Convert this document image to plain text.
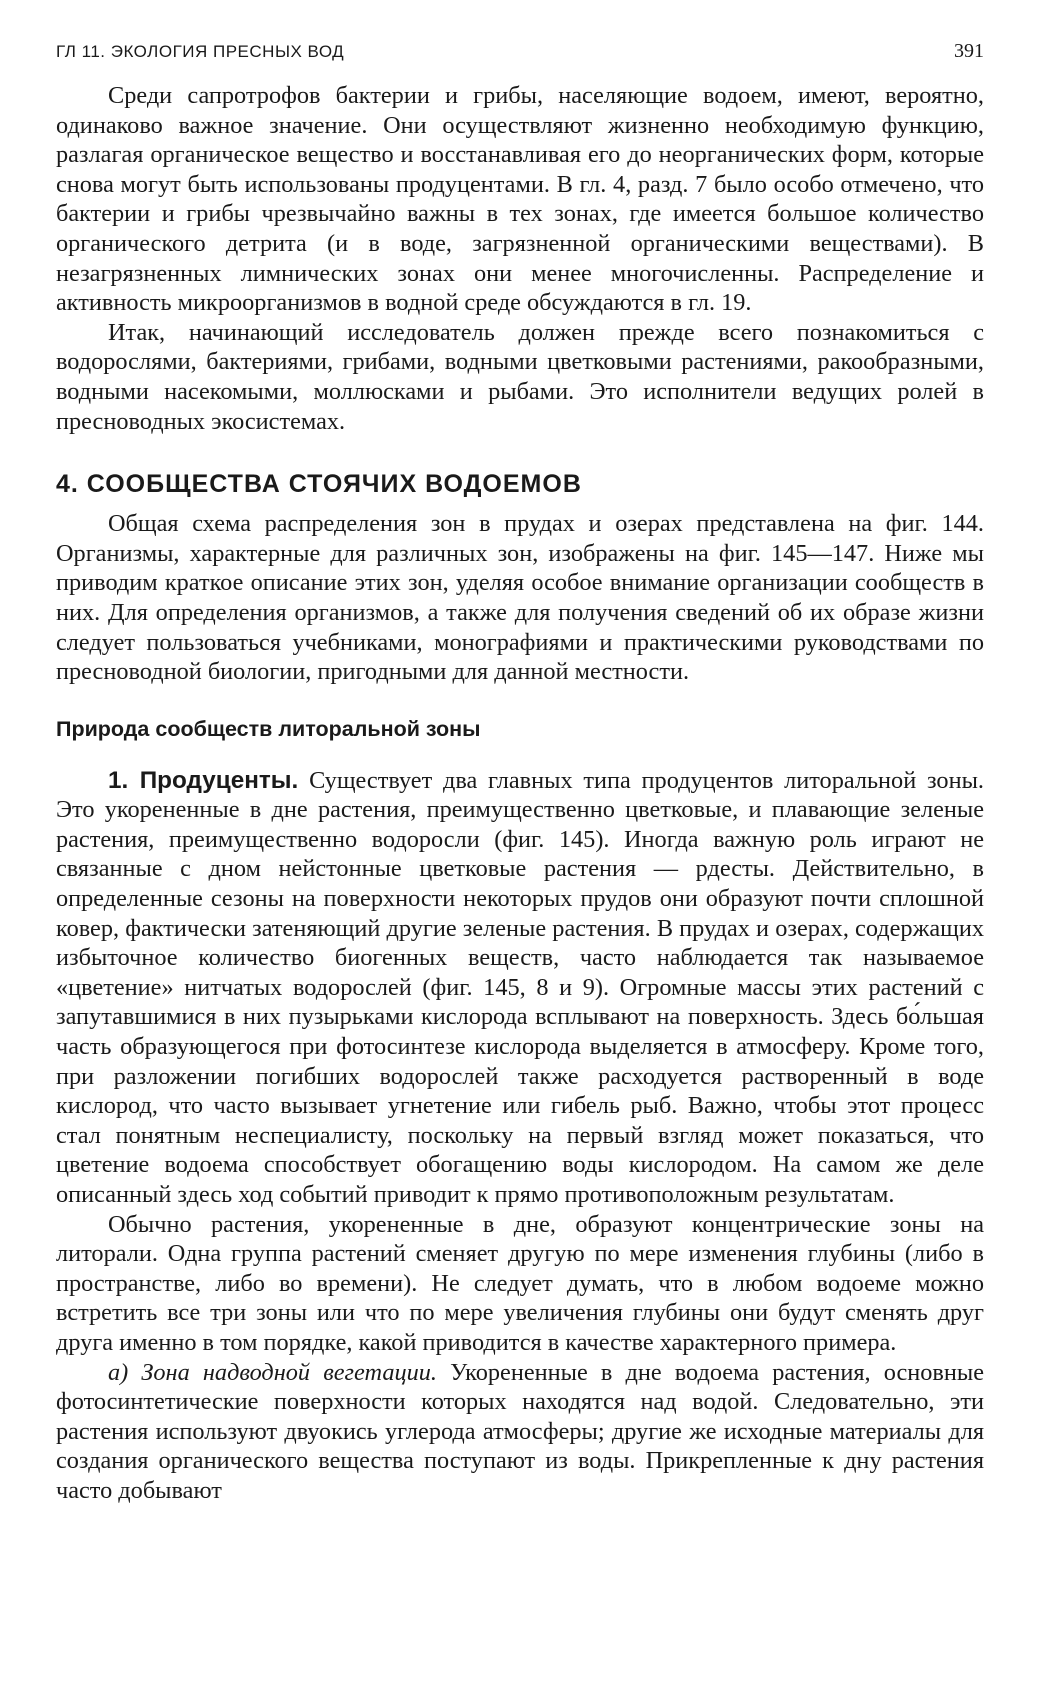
ГЛ 11. ЭКОЛОГИЯ ПРЕСНЫХ ВОД	391

Среди сапротрофов бактерии и грибы, населяющие водоем, имеют, вероятно, одинаково важное значение. Они осуществляют жизненно необходимую функцию, разлагая органическое вещество и восстанавливая его до неорганических форм, которые снова могут быть использованы продуцентами. В гл. 4, разд. 7 было особо отмечено, что бактерии и грибы чрезвычайно важны в тех зонах, где имеется большое количество органического детрита (и в воде, загрязненной органическими веществами). В незагрязненных лимнических зонах они менее многочисленны. Распределение и активность микроорганизмов в водной среде обсуждаются в гл. 19.

Итак, начинающий исследователь должен прежде всего познакомиться с водорослями, бактериями, грибами, водными цветковыми растениями, ракообразными, водными насекомыми, моллюсками и рыбами. Это исполнители ведущих ролей в пресноводных экосистемах.

4. СООБЩЕСТВА СТОЯЧИХ ВОДОЕМОВ

Общая схема распределения зон в прудах и озерах представлена на фиг. 144. Организмы, характерные для различных зон, изображены на фиг. 145—147. Ниже мы приводим краткое описание этих зон, уделяя особое внимание организации сообществ в них. Для определения организмов, а также для получения сведений об их образе жизни следует пользоваться учебниками, монографиями и практическими руководствами по пресноводной биологии, пригодными для данной местности.

Природа сообществ литоральной зоны

1. Продуценты. Существует два главных типа продуцентов литоральной зоны. Это укорененные в дне растения, преимущественно цветковые, и плавающие зеленые растения, преимущественно водоросли (фиг. 145). Иногда важную роль играют не связанные с дном нейстонные цветковые растения — рдесты. Действительно, в определенные сезоны на поверхности некоторых прудов они образуют почти сплошной ковер, фактически затеняющий другие зеленые растения. В прудах и озерах, содержащих избыточное количество биогенных веществ, часто наблюдается так называемое «цветение» нитчатых водорослей (фиг. 145, 8 и 9). Огромные массы этих растений с запутавшимися в них пузырьками кислорода всплывают на поверхность. Здесь бо́льшая часть образующегося при фотосинтезе кислорода выделяется в атмосферу. Кроме того, при разложении погибших водорослей также расходуется растворенный в воде кислород, что часто вызывает угнетение или гибель рыб. Важно, чтобы этот процесс стал понятным неспециалисту, поскольку на первый взгляд может показаться, что цветение водоема способствует обогащению воды кислородом. На самом же деле описанный здесь ход событий приводит к прямо противоположным результатам.

Обычно растения, укорененные в дне, образуют концентрические зоны на литорали. Одна группа растений сменяет другую по мере изменения глубины (либо в пространстве, либо во времени). Не следует думать, что в любом водоеме можно встретить все три зоны или что по мере увеличения глубины они будут сменять друг друга именно в том порядке, какой приводится в качестве характерного примера.

а) Зона надводной вегетации. Укорененные в дне водоема растения, основные фотосинтетические поверхности которых находятся над водой. Следовательно, эти растения используют двуокись углерода атмосферы; другие же исходные материалы для создания органического вещества поступают из воды. Прикрепленные к дну растения часто добывают
